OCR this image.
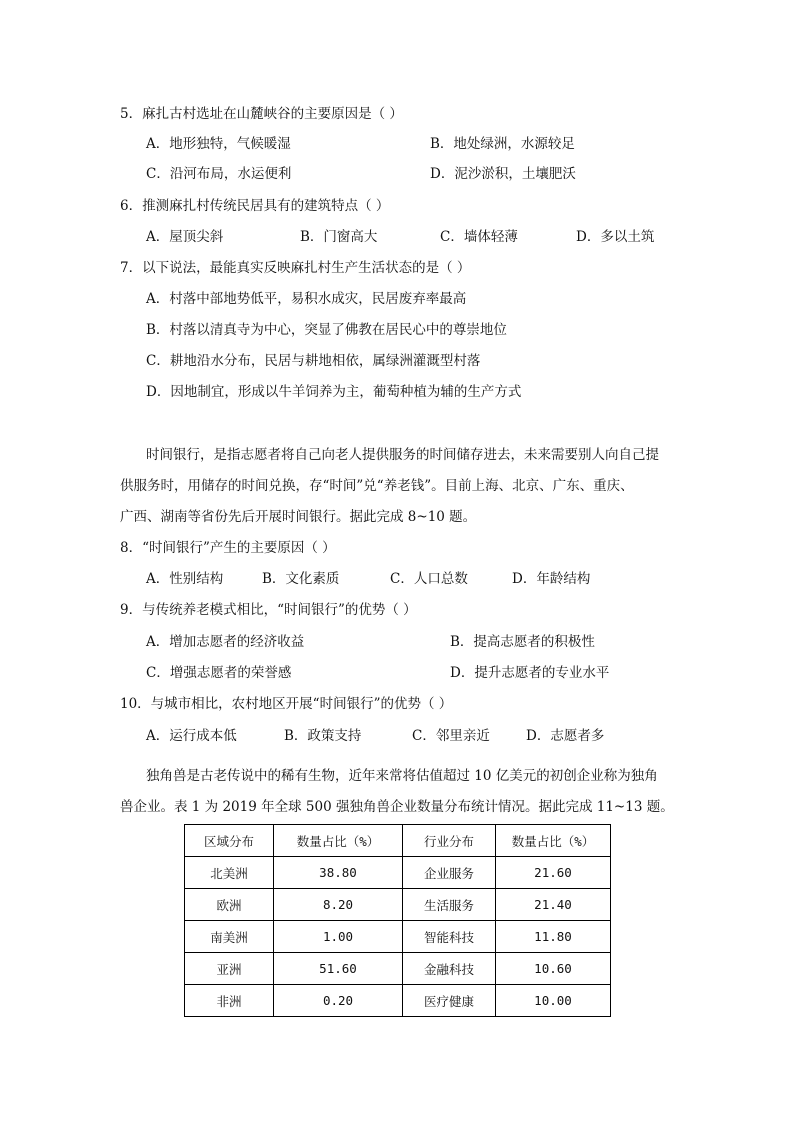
5．麻扎古村选址在山麓峡谷的主要原因是（ ）
A．地形独特，气候暖湿	B．地处绿洲，水源较足
C．沿河布局，水运便利	D．泥沙淤积，土壤肥沃
6．推测麻扎村传统民居具有的建筑特点（ ）
A．屋顶尖斜	B．门窗高大	C．墙体轻薄	D．多以土筑
7．以下说法，最能真实反映麻扎村生产生活状态的是（ ）
A．村落中部地势低平，易积水成灾，民居废弃率最高
B．村落以清真寺为中心，突显了佛教在居民心中的尊崇地位
C．耕地沿水分布，民居与耕地相依，属绿洲灌溉型村落
D．因地制宜，形成以牛羊饲养为主，葡萄种植为辅的生产方式
时间银行，是指志愿者将自己向老人提供服务的时间储存进去，未来需要别人向自己提
供服务时，用储存的时间兑换，存“时间”兑“养老钱”。目前上海、北京、广东、重庆、
广西、湖南等省份先后开展时间银行。据此完成 8~10 题。
8．“时间银行”产生的主要原因（ ）
A．性别结构	B．文化素质	C．人口总数	D．年龄结构
9．与传统养老模式相比，“时间银行”的优势（ ）
A．增加志愿者的经济收益	B．提高志愿者的积极性
C．增强志愿者的荣誉感	D．提升志愿者的专业水平
10．与城市相比，农村地区开展“时间银行”的优势（ ）
A．运行成本低	B．政策支持	C．邻里亲近	D．志愿者多
独角兽是古老传说中的稀有生物，近年来常将估值超过 10 亿美元的初创企业称为独角
兽企业。表 1 为 2019 年全球 500 强独角兽企业数量分布统计情况。据此完成 11~13 题。
区域分布	数量占比（%）	行业分布	数量占比（%）
北美洲	38.80	企业服务	21.60
欧洲	8.20	生活服务	21.40
南美洲	1.00	智能科技	11.80
亚洲	51.60	金融科技	10.60
非洲	0.20	医疗健康	10.00
